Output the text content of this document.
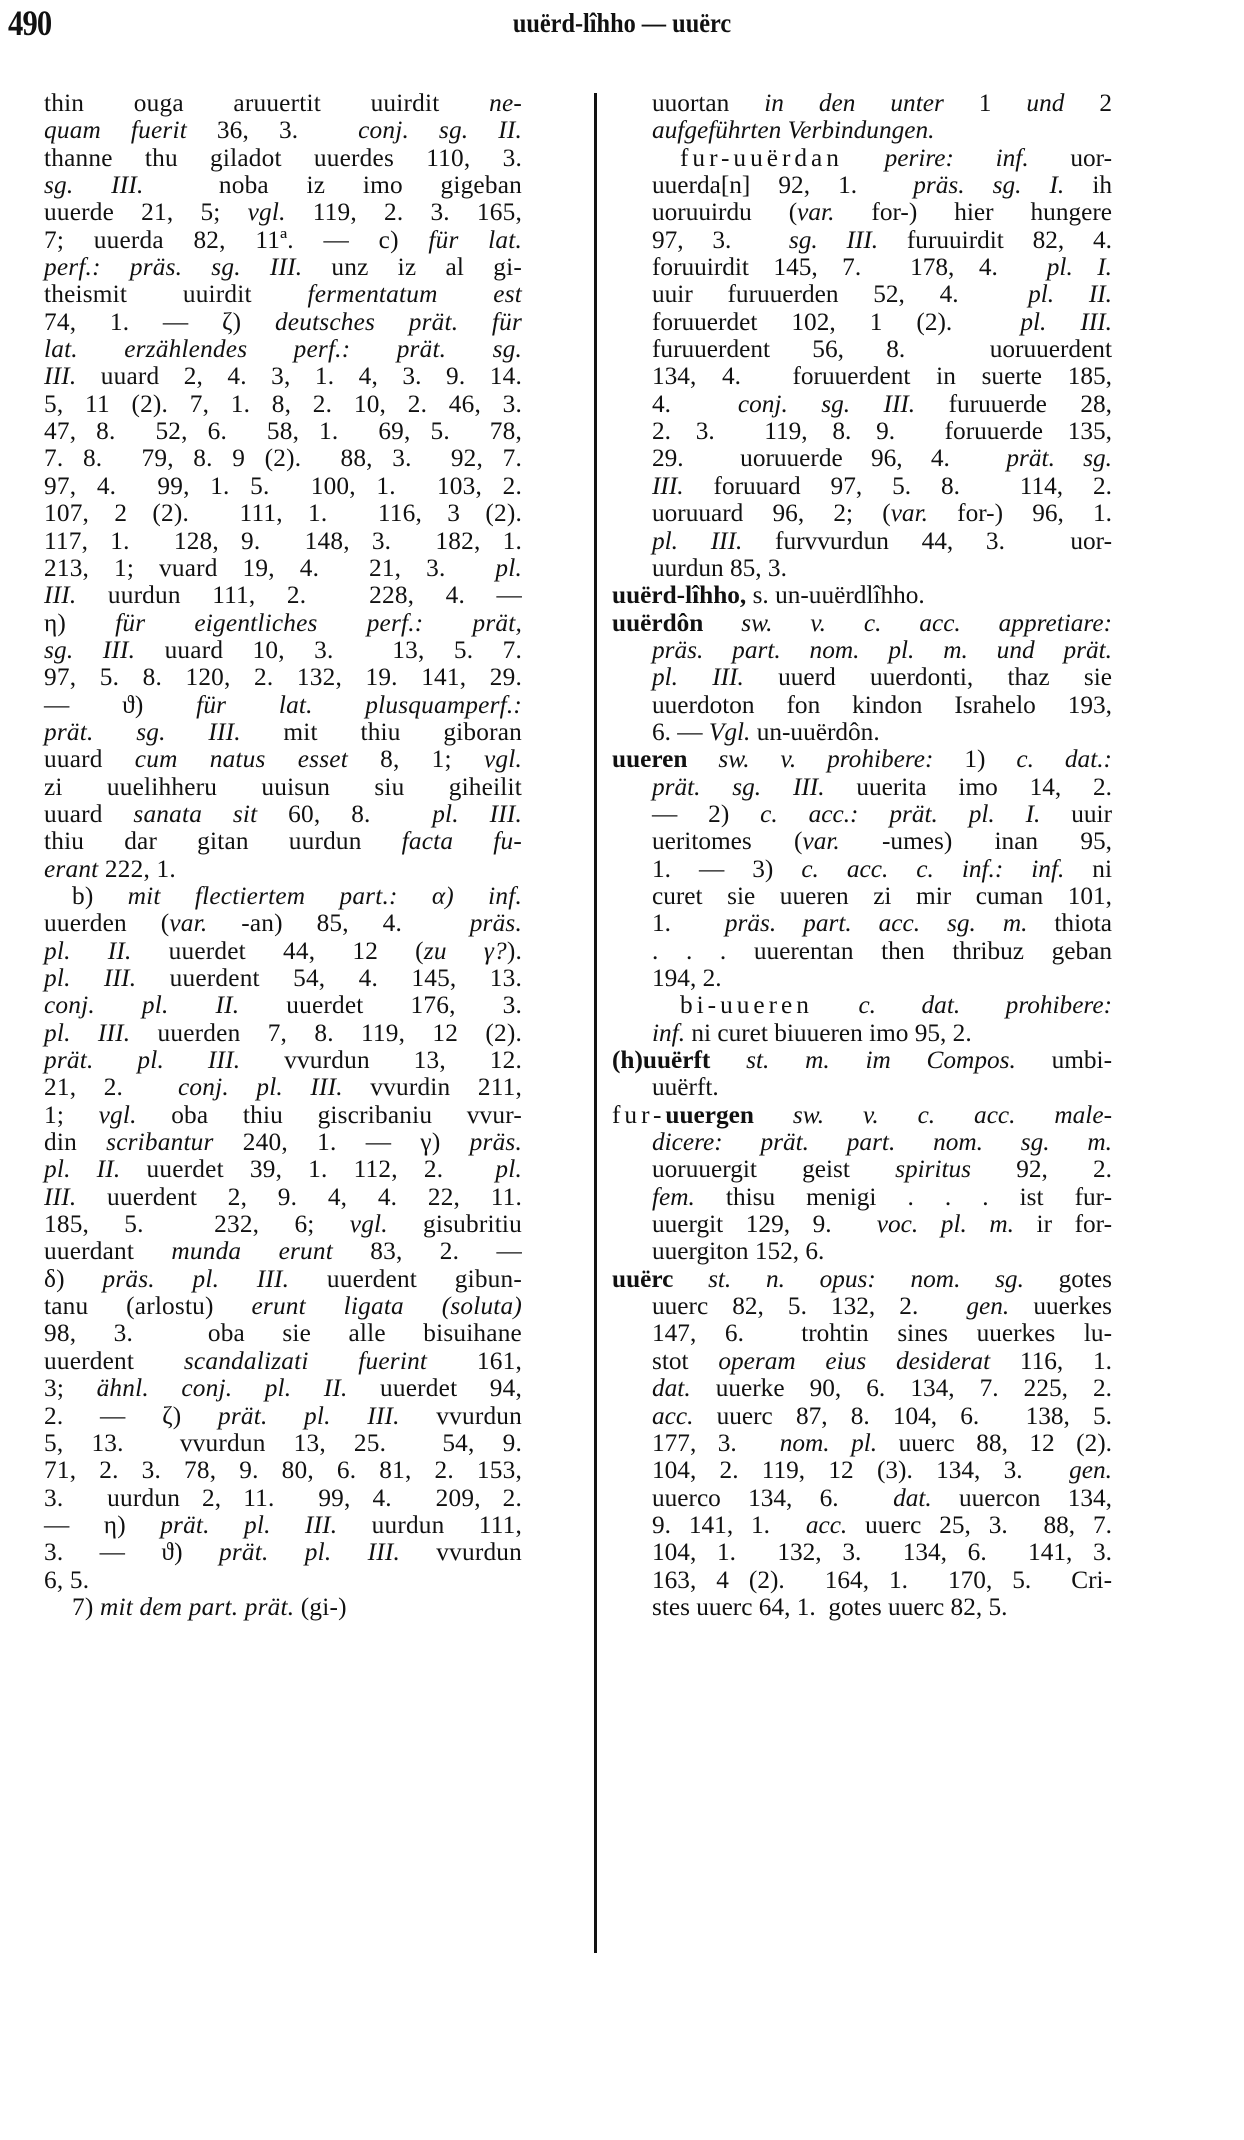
490	uuërd-lîhho — uuërc
thin ouga aruuertit uuirdit ne-
quam fuerit 36, 3.  conj. sg. II.
thanne thu giladot uuerdes 110, 3.
sg. III.  noba iz imo gigeban
uuerde 21, 5; vgl. 119, 2. 3. 165,
7; uuerda 82, 11ª. — c) für lat.
perf.: präs. sg. III. unz iz al gi-
theismit uuirdit fermentatum est
74, 1. — ζ) deutsches prät. für
lat. erzählendes perf.: prät. sg.
III. uuard 2, 4. 3, 1. 4, 3. 9. 14.
5, 11 (2). 7, 1. 8, 2. 10, 2. 46, 3.
47, 8.  52, 6.  58, 1.  69, 5.  78,
7. 8.  79, 8. 9 (2).  88, 3.  92, 7.
97, 4.  99, 1. 5.  100, 1.  103, 2.
107, 2 (2).  111, 1.  116, 3 (2).
117, 1.  128, 9.  148, 3.  182, 1.
213, 1; vuard 19, 4.  21, 3.  pl.
III. uurdun 111, 2.  228, 4. —
η) für eigentliches perf.: prät,
sg. III. uuard 10, 3.  13, 5. 7.
97, 5. 8. 120, 2. 132, 19. 141, 29.
— ϑ) für lat. plusquamperf.:
prät. sg. III. mit thiu giboran
uuard cum natus esset 8, 1; vgl.
zi uuelihheru uuisun siu giheilit
uuard sanata sit 60, 8.  pl. III.
thiu dar gitan uurdun facta fu-
erant 222, 1.
b) mit flectiertem part.: α) inf.
uuerden (var. -an) 85, 4.  präs.
pl. II. uuerdet 44, 12 (zu γ?).
pl. III. uuerdent 54, 4. 145, 13.
conj. pl. II. uuerdet 176, 3.
pl. III. uuerden 7, 8. 119, 12 (2).
prät. pl. III. vvurdun 13, 12.
21, 2.  conj. pl. III. vvurdin 211,
1; vgl. oba thiu giscribaniu vvur-
din scribantur 240, 1. — γ) präs.
pl. II. uuerdet 39, 1. 112, 2.  pl.
III. uuerdent 2, 9. 4, 4. 22, 11.
185, 5.  232, 6; vgl. gisubritiu
uuerdant munda erunt 83, 2. —
δ) präs. pl. III. uuerdent gibun-
tanu (arlostu) erunt ligata (soluta)
98, 3.  oba sie alle bisuihane
uuerdent scandalizati fuerint 161,
3; ähnl. conj. pl. II. uuerdet 94,
2. — ζ) prät. pl. III. vvurdun
5, 13.  vvurdun 13, 25.  54, 9.
71, 2. 3. 78, 9. 80, 6. 81, 2. 153,
3.  uurdun 2, 11.  99, 4.  209, 2.
— η) prät. pl. III. uurdun 111,
3. — ϑ) prät. pl. III. vvurdun
6, 5.
7) mit dem part. prät. (gi-)
uuortan in den unter 1 und 2
aufgeführten Verbindungen.
fur-uuërdan perire: inf. uor-
uuerda[n] 92, 1.  präs. sg. I. ih
uoruuirdu (var. for-) hier hungere
97, 3.  sg. III. furuuirdit 82, 4.
foruuirdit 145, 7.  178, 4.  pl. I.
uuir furuuerden 52, 4.  pl. II.
foruuerdet 102, 1 (2).  pl. III.
furuuerdent 56, 8.  uoruuerdent
134, 4.  foruuerdent in suerte 185,
4.  conj. sg. III. furuuerde 28,
2. 3.  119, 8. 9.  foruuerde 135,
29.  uoruuerde 96, 4.  prät. sg.
III. foruuard 97, 5. 8.  114, 2.
uoruuard 96, 2; (var. for-) 96, 1.
pl. III. furvvurdun 44, 3.  uor-
uurdun 85, 3.
uuërd-lîhho, s. un-uuërdlîhho.
uuërdôn sw. v. c. acc. appretiare:
präs. part. nom. pl. m. und prät.
pl. III. uuerd uuerdonti, thaz sie
uuerdoton fon kindon Israhelo 193,
6. — Vgl. un-uuërdôn.
uueren sw. v. prohibere: 1) c. dat.:
prät. sg. III. uuerita imo 14, 2.
— 2) c. acc.: prät. pl. I. uuir
ueritomes (var. -umes) inan 95,
1. — 3) c. acc. c. inf.: inf. ni
curet sie uueren zi mir cuman 101,
1.  präs. part. acc. sg. m. thiota
. . . uuerentan then thribuz geban
194, 2.
bi-uueren c. dat. prohibere:
inf. ni curet biuueren imo 95, 2.
(h)uuërft st. m. im Compos. umbi-
uuërft.
fur-uuergen sw. v. c. acc. male-
dicere: prät. part. nom. sg. m.
uoruuergit geist spiritus 92, 2.
fem. thisu menigi . . . ist fur-
uuergit 129, 9.  voc. pl. m. ir for-
uuergiton 152, 6.
uuërc st. n. opus: nom. sg. gotes
uuerc 82, 5. 132, 2.  gen. uuerkes
147, 6.  trohtin sines uuerkes lu-
stot operam eius desiderat 116, 1.
dat. uuerke 90, 6. 134, 7. 225, 2.
acc. uuerc 87, 8. 104, 6.  138, 5.
177, 3.  nom. pl. uuerc 88, 12 (2).
104, 2. 119, 12 (3). 134, 3.  gen.
uuerco 134, 6.  dat. uuercon 134,
9. 141, 1.  acc. uuerc 25, 3.  88, 7.
104, 1.  132, 3.  134, 6.  141, 3.
163, 4 (2).  164, 1.  170, 5.  Cri-
stes uuerc 64, 1.  gotes uuerc 82, 5.
